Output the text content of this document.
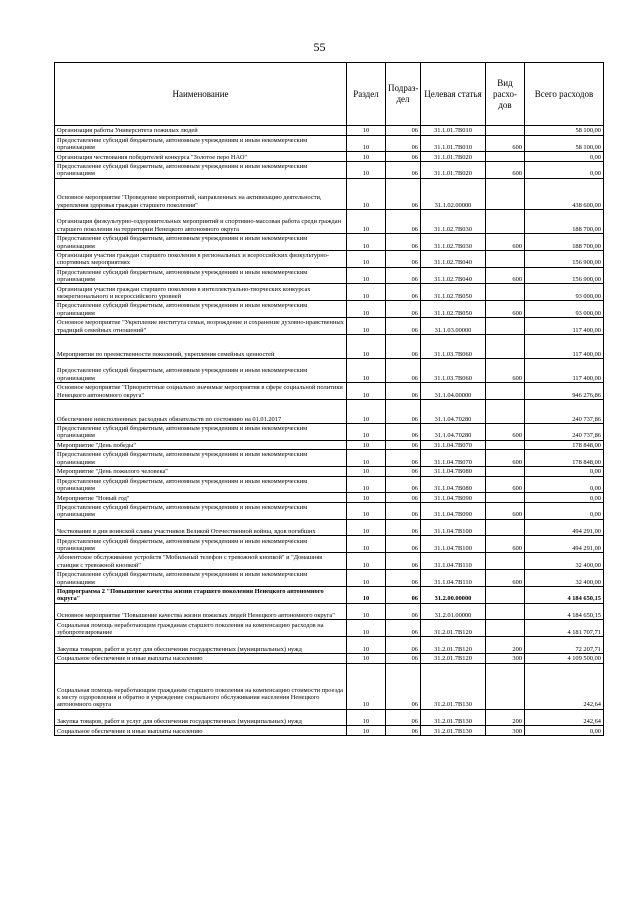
55
Наименование	Раздел	Подраз-дел	Целевая статья	Вид расхо-дов	Всего расходов
Организация работы Университета пожилых людей	10	06	31.1.01.7В010		58 100,00
Предоставление субсидий бюджетным, автономным учреждениям и иным некоммерческим организациям	10	06	31.1.01.7В010	600	58 100,00
Организация чествования победителей конкурса "Золотое перо НАО"	10	06	31.1.01.7В020		0,00
Предоставление субсидий бюджетным, автономным учреждениям и иным некоммерческим организациям	10	06	31.1.01.7В020	600	0,00
Основное мероприятие "Проведение мероприятий, направленных на активизацию деятельности, укрепления здоровья граждан старшего поколения"	10	06	31.1.02.00000		438 600,00
Организация физкультурно-оздоровительных мероприятий и спортивно-массовая работа среди граждан старшего поколения на территории Ненецкого автономного округа	10	06	31.1.02.7В030		188 700,00
Предоставление субсидий бюджетным, автономным учреждениям и иным некоммерческим организациям	10	06	31.1.02.7В030	600	188 700,00
Организация участия граждан старшего поколения в региональных и всероссийских физкультурно-спортивных мероприятиях	10	06	31.1.02.7В040		156 900,00
Предоставление субсидий бюджетным, автономным учреждениям и иным некоммерческим организациям	10	06	31.1.02.7В040	600	156 900,00
Организация участия граждан старшего поколения в интеллектуально-творческих конкурсах межрегионального и всероссийского уровней	10	06	31.1.02.7В050		93 000,00
Предоставление субсидий бюджетным, автономным учреждениям и иным некоммерческим организациям	10	06	31.1.02.7В050	600	93 000,00
Основное мероприятие "Укрепление института семьи, возрождение и сохранение духовно-нравственных традиций семейных отношений"	10	06	31.1.03.00000		117 400,00
Мероприятия по преемственности поколений, укрепления семейных ценностей	10	06	31.1.03.7В060		117 400,00
Предоставление субсидий бюджетным, автономным учреждениям и иным некоммерческим организациям	10	06	31.1.03.7В060	600	117 400,00
Основное мероприятие "Приоритетные социально значимые мероприятия в сфере социальной политики Ненецкого автономного округа"	10	06	31.1.04.00000		946 276,86
Обеспечение неисполненных расходных обязательств по состоянию на 01.01.2017	10	06	31.1.04.70280		240 737,86
Предоставление субсидий бюджетным, автономным учреждениям и иным некоммерческим организациям	10	06	31.1.04.70280	600	240 737,86
Мероприятие "День победы"	10	06	31.1.04.7В070		178 848,00
Предоставление субсидий бюджетным, автономным учреждениям и иным некоммерческим организациям	10	06	31.1.04.7В070	600	178 848,00
Мероприятие "День пожилого человека"	10	06	31.1.04.7В080		0,00
Предоставление субсидий бюджетным, автономным учреждениям и иным некоммерческим организациям	10	06	31.1.04.7В080	600	0,00
Мероприятие "Новый год"	10	06	31.1.04.7В090		0,00
Предоставление субсидий бюджетным, автономным учреждениям и иным некоммерческим организациям	10	06	31.1.04.7В090	600	0,00
Чествование в дни воинской славы участников Великой Отечественной войны, вдов погибших	10	06	31.1.04.7В100		494 291,00
Предоставление субсидий бюджетным, автономным учреждениям и иным некоммерческим организациям	10	06	31.1.04.7В100	600	494 291,00
Абонентское обслуживание устройств "Мобильный телефон с тревожной кнопкой" и "Домашняя станция с тревожной кнопкой"	10	06	31.1.04.7В110		32 400,00
Предоставление субсидий бюджетным, автономным учреждениям и иным некоммерческим организациям	10	06	31.1.04.7В110	600	32 400,00
Подпрограмма 2 "Повышение качества жизни старшего поколения Ненецкого автономного округа"	10	06	31.2.00.00000		4 184 650,15
Основное мероприятие "Повышение качества жизни пожилых людей Ненецкого автономного округа"	10	06	31.2.01.00000		4 184 650,15
Социальная помощь неработающим гражданам старшего поколения на компенсацию расходов на зубопротезирование	10	06	31.2.01.7В120		4 181 707,71
Закупка товаров, работ и услуг для обеспечения государственных (муниципальных) нужд	10	06	31.2.01.7В120	200	72 207,71
Социальное обеспечение и иные выплаты населению	10	06	31.2.01.7В120	300	4 109 500,00
Социальная помощь неработающим гражданам старшего поколения на компенсацию стоимости проезда к месту оздоровления и обратно в учреждение социального обслуживания населения Ненецкого автономного округа	10	06	31.2.01.7В130		242,64
Закупка товаров, работ и услуг для обеспечения государственных (муниципальных) нужд	10	06	31.2.01.7В130	200	242,64
Социальное обеспечение и иные выплаты населению	10	06	31.2.01.7В130	300	0,00
